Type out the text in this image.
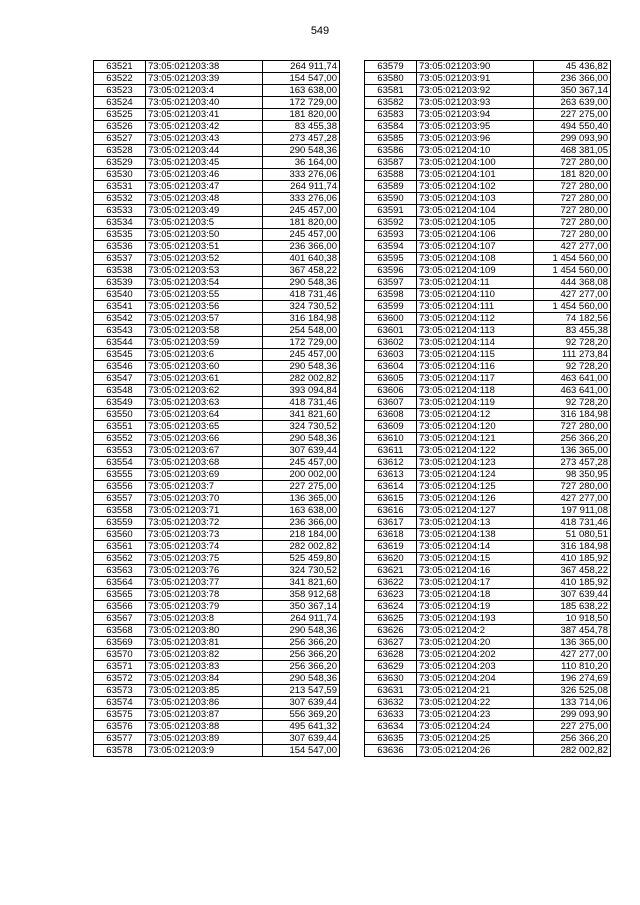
549
63521	73:05:021203:38	264 911,74
63522	73:05:021203:39	154 547,00
63523	73:05:021203:4	163 638,00
63524	73:05:021203:40	172 729,00
63525	73:05:021203:41	181 820,00
63526	73:05:021203:42	83 455,38
63527	73:05:021203:43	273 457,28
63528	73:05:021203:44	290 548,36
63529	73:05:021203:45	36 164,00
63530	73:05:021203:46	333 276,06
63531	73:05:021203:47	264 911,74
63532	73:05:021203:48	333 276,06
63533	73:05:021203:49	245 457,00
63534	73:05:021203:5	181 820,00
63535	73:05:021203:50	245 457,00
63536	73:05:021203:51	236 366,00
63537	73:05:021203:52	401 640,38
63538	73:05:021203:53	367 458,22
63539	73:05:021203:54	290 548,36
63540	73:05:021203:55	418 731,46
63541	73:05:021203:56	324 730,52
63542	73:05:021203:57	316 184,98
63543	73:05:021203:58	254 548,00
63544	73:05:021203:59	172 729,00
63545	73:05:021203:6	245 457,00
63546	73:05:021203:60	290 548,36
63547	73:05:021203:61	282 002,82
63548	73:05:021203:62	393 094,84
63549	73:05:021203:63	418 731,46
63550	73:05:021203:64	341 821,60
63551	73:05:021203:65	324 730,52
63552	73:05:021203:66	290 548,36
63553	73:05:021203:67	307 639,44
63554	73:05:021203:68	245 457,00
63555	73:05:021203:69	200 002,00
63556	73:05:021203:7	227 275,00
63557	73:05:021203:70	136 365,00
63558	73:05:021203:71	163 638,00
63559	73:05:021203:72	236 366,00
63560	73:05:021203:73	218 184,00
63561	73:05:021203:74	282 002,82
63562	73:05:021203:75	525 459,80
63563	73:05:021203:76	324 730,52
63564	73:05:021203:77	341 821,60
63565	73:05:021203:78	358 912,68
63566	73:05:021203:79	350 367,14
63567	73:05:021203:8	264 911,74
63568	73:05:021203:80	290 548,36
63569	73:05:021203:81	256 366,20
63570	73:05:021203:82	256 366,20
63571	73:05:021203:83	256 366,20
63572	73:05:021203:84	290 548,36
63573	73:05:021203:85	213 547,59
63574	73:05:021203:86	307 639,44
63575	73:05:021203:87	556 369,20
63576	73:05:021203:88	495 641,32
63577	73:05:021203:89	307 639,44
63578	73:05:021203:9	154 547,00
63579	73:05:021203:90	45 436,82
63580	73:05:021203:91	236 366,00
63581	73:05:021203:92	350 367,14
63582	73:05:021203:93	263 639,00
63583	73:05:021203:94	227 275,00
63584	73:05:021203:95	494 550,40
63585	73:05:021203:96	299 093,90
63586	73:05:021204:10	468 381,05
63587	73:05:021204:100	727 280,00
63588	73:05:021204:101	181 820,00
63589	73:05:021204:102	727 280,00
63590	73:05:021204:103	727 280,00
63591	73:05:021204:104	727 280,00
63592	73:05:021204:105	727 280,00
63593	73:05:021204:106	727 280,00
63594	73:05:021204:107	427 277,00
63595	73:05:021204:108	1 454 560,00
63596	73:05:021204:109	1 454 560,00
63597	73:05:021204:11	444 368,08
63598	73:05:021204:110	427 277,00
63599	73:05:021204:111	1 454 560,00
63600	73:05:021204:112	74 182,56
63601	73:05:021204:113	83 455,38
63602	73:05:021204:114	92 728,20
63603	73:05:021204:115	111 273,84
63604	73:05:021204:116	92 728,20
63605	73:05:021204:117	463 641,00
63606	73:05:021204:118	463 641,00
63607	73:05:021204:119	92 728,20
63608	73:05:021204:12	316 184,98
63609	73:05:021204:120	727 280,00
63610	73:05:021204:121	256 366,20
63611	73:05:021204:122	136 365,00
63612	73:05:021204:123	273 457,28
63613	73:05:021204:124	98 350,95
63614	73:05:021204:125	727 280,00
63615	73:05:021204:126	427 277,00
63616	73:05:021204:127	197 911,08
63617	73:05:021204:13	418 731,46
63618	73:05:021204:138	51 080,51
63619	73:05:021204:14	316 184,98
63620	73:05:021204:15	410 185,92
63621	73:05:021204:16	367 458,22
63622	73:05:021204:17	410 185,92
63623	73:05:021204:18	307 639,44
63624	73:05:021204:19	185 638,22
63625	73:05:021204:193	10 918,50
63626	73:05:021204:2	387 454,78
63627	73:05:021204:20	136 365,00
63628	73:05:021204:202	427 277,00
63629	73:05:021204:203	110 810,20
63630	73:05:021204:204	196 274,69
63631	73:05:021204:21	326 525,08
63632	73:05:021204:22	133 714,06
63633	73:05:021204:23	299 093,90
63634	73:05:021204:24	227 275,00
63635	73:05:021204:25	256 366,20
63636	73:05:021204:26	282 002,82
